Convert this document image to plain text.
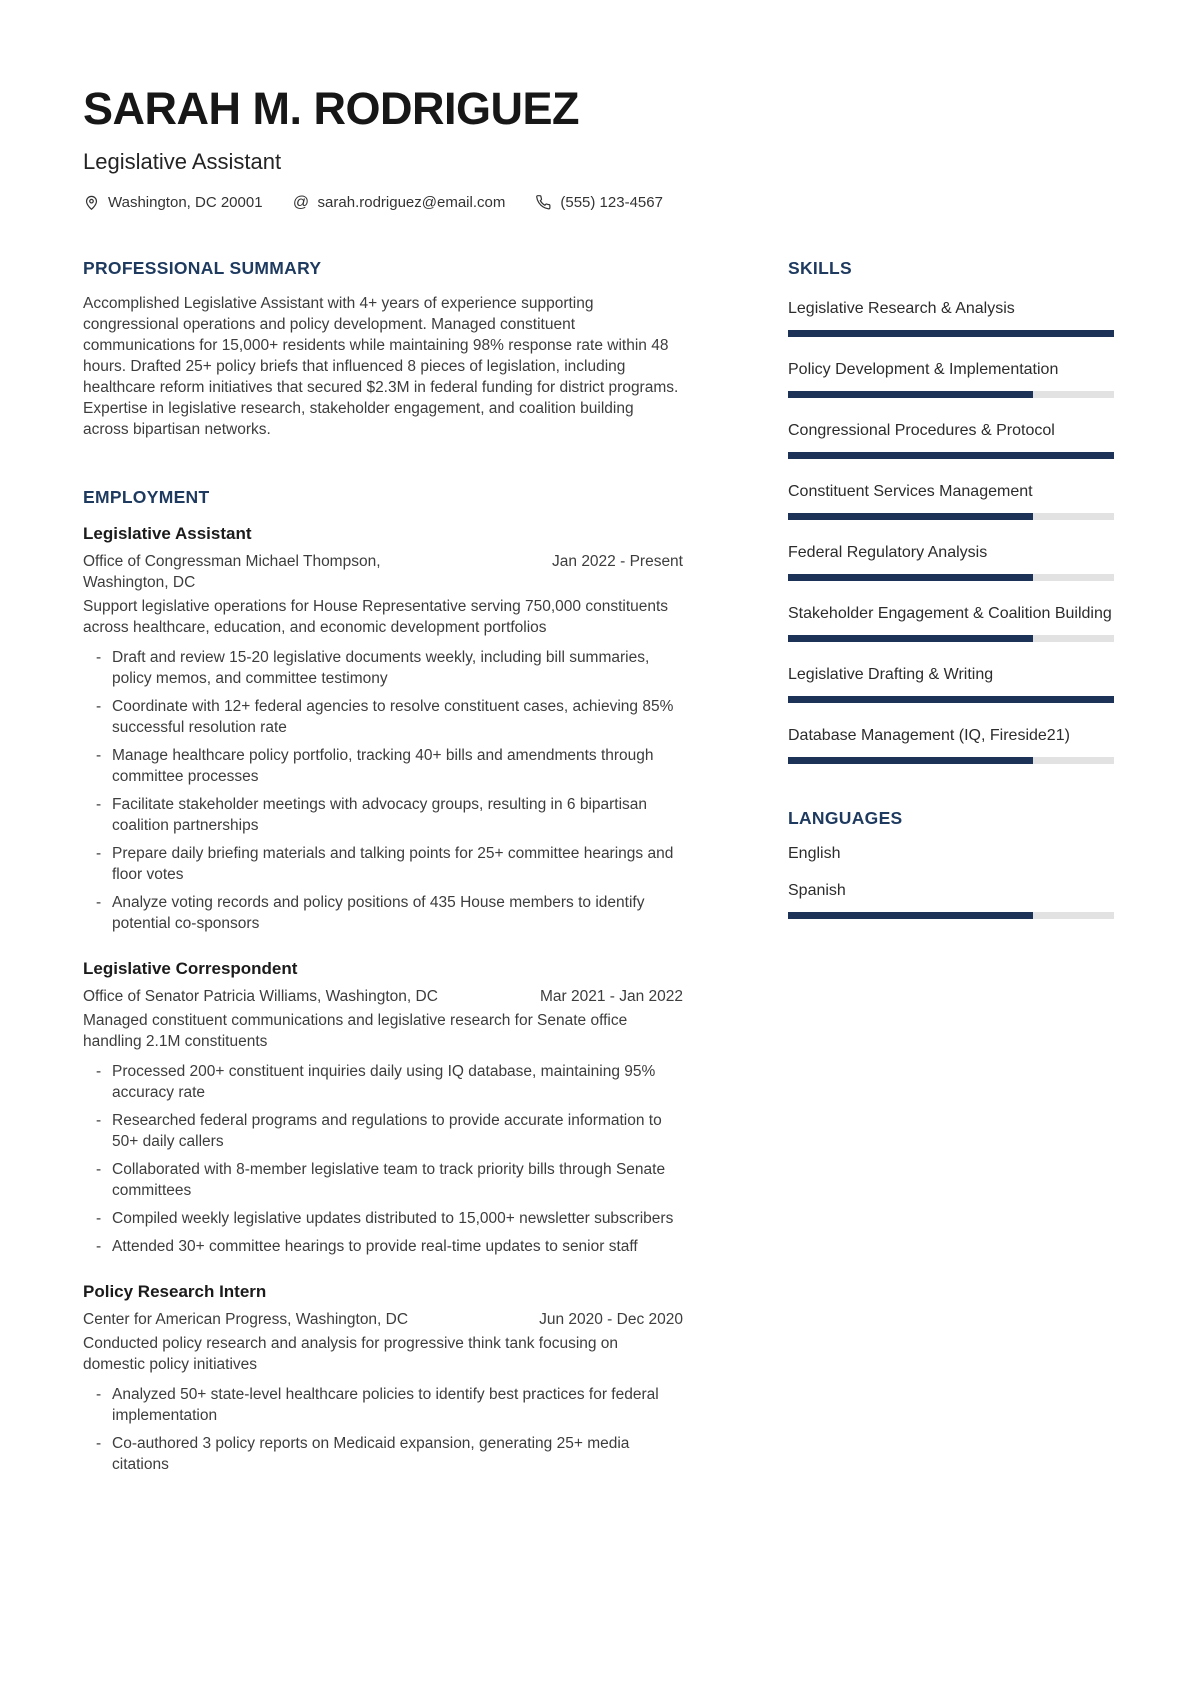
SARAH M. RODRIGUEZ
Legislative Assistant
Washington, DC 20001 @ sarah.rodriguez@email.com	(555) 123-4567
PROFESSIONAL SUMMARY

Accomplished Legislative Assistant with 4+ years of experience supporting congressional operations and policy development. Managed constituent communications for 15,000+ residents while maintaining 98% response rate within 48 hours. Drafted 25+ policy briefs that influenced 8 pieces of legislation, including healthcare reform initiatives that secured $2.3M in federal funding for district programs. Expertise in legislative research, stakeholder engagement, and coalition building across bipartisan networks.

EMPLOYMENT
Legislative Assistant
Office of Congressman Michael Thompson, Washington, DC
Jan 2022 - Present

Support legislative operations for House Representative serving 750,000 constituents across healthcare, education, and economic development portfolios

- Draft and review 15-20 legislative documents weekly, including bill summaries, policy memos, and committee testimony
- Coordinate with 12+ federal agencies to resolve constituent cases, achieving 85% successful resolution rate
- Manage healthcare policy portfolio, tracking 40+ bills and amendments through committee processes
- Facilitate stakeholder meetings with advocacy groups, resulting in 6 bipartisan coalition partnerships
- Prepare daily briefing materials and talking points for 25+ committee hearings and floor votes
- Analyze voting records and policy positions of 435 House members to identify potential co-sponsors
Legislative Correspondent
Office of Senator Patricia Williams, Washington, DC	Mar 2021 - Jan 2022

Managed constituent communications and legislative research for Senate office handling 2.1M constituents

- Processed 200+ constituent inquiries daily using IQ database, maintaining 95% accuracy rate
- Researched federal programs and regulations to provide accurate information to 50+ daily callers
- Collaborated with 8-member legislative team to track priority bills through Senate committees
- Compiled weekly legislative updates distributed to 15,000+ newsletter subscribers
- Attended 30+ committee hearings to provide real-time updates to senior staff
Policy Research Intern
Center for American Progress, Washington, DC	Jun 2020 - Dec 2020

Conducted policy research and analysis for progressive think tank focusing on domestic policy initiatives

- Analyzed 50+ state-level healthcare policies to identify best practices for federal implementation
- Co-authored 3 policy reports on Medicaid expansion, generating 25+ media citations
SKILLS
Legislative Research & Analysis
Policy Development & Implementation
Congressional Procedures & Protocol
Constituent Services Management
Federal Regulatory Analysis
Stakeholder Engagement & Coalition Building
Legislative Drafting & Writing
Database Management (IQ, Fireside21)
LANGUAGES
English
Spanish
